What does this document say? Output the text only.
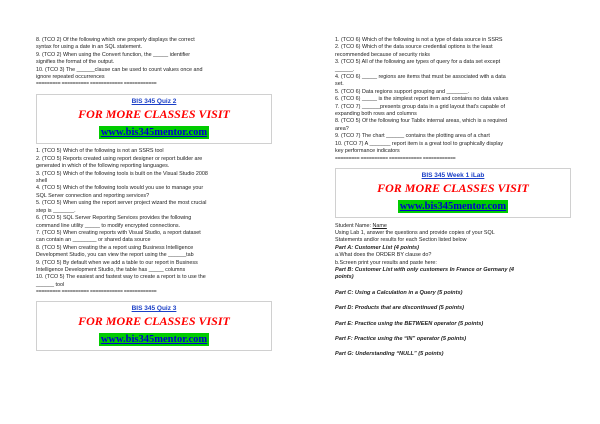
8. (TCO 2) Of the following which one properly displays the correct
syntax for using a date in an SQL statement.
9. (TCO 2) When using the Convert function, the _____ identifier
signifies the format of the output.
10. (TCO 3) The ______clause can be used to count values once and
ignore repeated occurrences
========= ========== ============ ============
BIS 345 Quiz 2
FOR MORE CLASSES VISIT
www.bis345mentor.com
1. (TCO 5) Which of the following is not an SSRS tool
2. (TCO 5) Reports created using report designer or report builder are
generated in which of the following reporting languages.
3. (TCO 5) Which of the following tools is built on the Visual Studio 2008
shell
4. (TCO 5) Which of the following tools would you use to manage your
SQL Server connection and reporting services?
5. (TCO 5) When using the report server project wizard the most crucial
step is _______.
6. (TCO 5) SQL Server Reporting Services provides the following
command line utility _____ to modify encrypted connections.
7. (TCO 5) When creating reports with Visual Studio, a report dataset
can contain an ________ or shared data source
8. (TCO 5) When creating the a report using Business Intelligence
Development Studio, you can view the report using the ______tab
9. (TCO 5) By default when we add a table to our report in Business
Intelligence Development Studio, the table has _____ columns
10. (TCO 5) The easiest and fastest way to create a report is to use the
______ tool
========= ========== ============ ============
BIS 345 Quiz 3
FOR MORE CLASSES VISIT
www.bis345mentor.com
1. (TCO 6) Which of the following is not a type of data source in SSRS
2. (TCO 6) Which of the data source credential options is the least
recommended because of security risks
3. (TCO 5) All of the following are types of query for a data set except
______.
4. (TCO 6) _____ regions are items that must be associated with a data
set.
5. (TCO 6) Data regions support grouping and _______.
6. (TCO 6) _____ is the simplest report item and contains no data values
7. (TCO 7) ______presents group data in a grid layout that's capable of
expanding both rows and columns
8. (TCO 5) Of the following four Tablix internal areas, which is a required
area?
9. (TCO 7) The chart ______ contains the plotting area of a chart
10. (TCO 7) A _______ report item is a great tool to graphically display
key performance indicators
========= ========== ============ ============
BIS 345 Week 1 iLab
FOR MORE CLASSES VISIT
www.bis345mentor.com
Student Name: Name
Using Lab 1, answer the questions and provide copies of your SQL
Statements and/or results for each Section listed below
Part A: Customer List (4 points)
a.What does the ORDER BY clause do?
b.Screen print your results and paste here:
Part B: Customer List with only customers In France or Germany (4
points)
Part C: Using a Calculation in a Query (5 points)
Part D: Products that are discontinued (5 points)
Part E: Practice using the BETWEEN operator (5 points)
Part F: Practice using the “IN” operator (5 points)
Part G: Understanding “NULL” (5 points)
